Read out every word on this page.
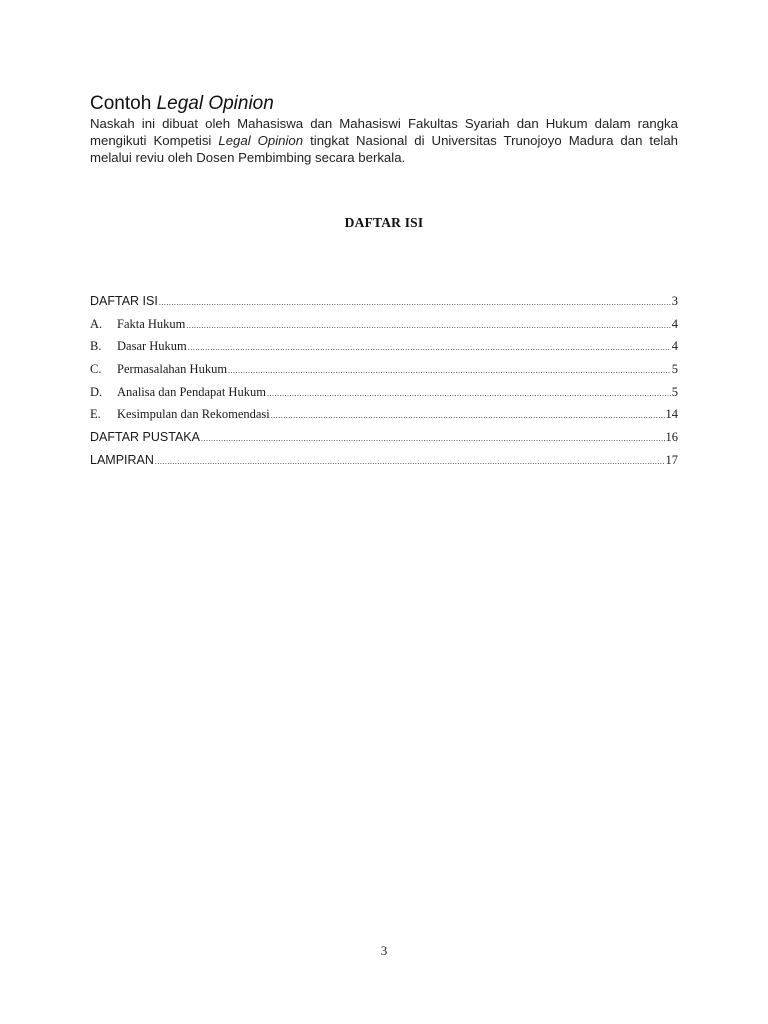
Contoh Legal Opinion

Naskah ini dibuat oleh Mahasiswa dan Mahasiswi Fakultas Syariah dan Hukum dalam rangka mengikuti Kompetisi Legal Opinion tingkat Nasional di Universitas Trunojoyo Madura dan telah melalui reviu oleh Dosen Pembimbing secara berkala.

DAFTAR ISI
DAFTAR ISI .....	3
A.	Fakta Hukum .....	4
B.	Dasar Hukum .....	4
C.	Permasalahan Hukum .....	5
D.	Analisa dan Pendapat Hukum .....	5
E.	Kesimpulan dan Rekomendasi .....	14
DAFTAR PUSTAKA .....	16
LAMPIRAN .....	17
3
